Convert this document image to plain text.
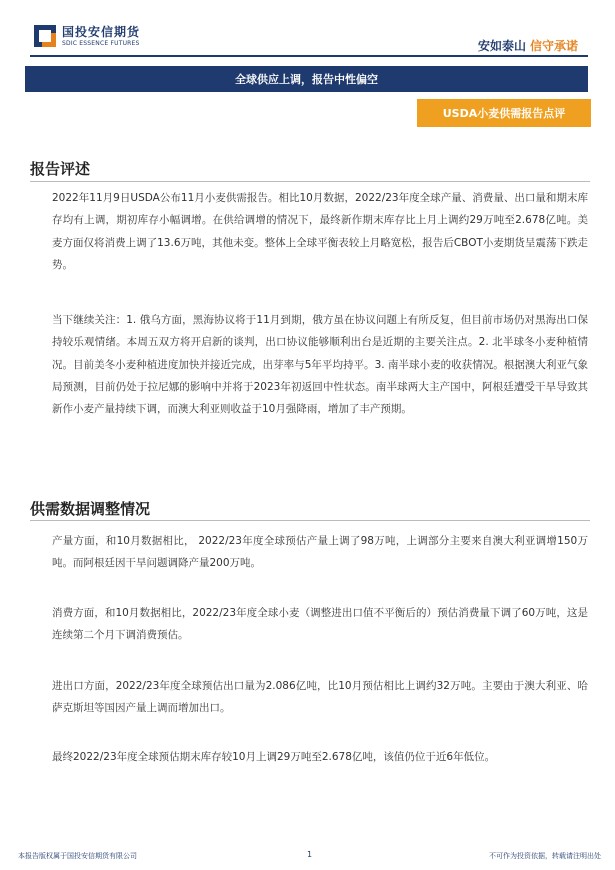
国投安信期货
SDIC ESSENCE FUTURES	安如泰山 信守承诺
全球供应上调，报告中性偏空
USDA小麦供需报告点评
报告评述

2022年11月9日USDA公布11月小麦供需报告。相比10月数据，2022/23年度全球产量、消费量、出口量和期末库存均有上调，期初库存小幅调增。在供给调增的情况下，最终新作期末库存比上月上调约29万吨至2.678亿吨。美麦方面仅将消费上调了13.6万吨，其他未变。整体上全球平衡表较上月略宽松，报告后CBOT小麦期货呈震荡下跌走势。

当下继续关注：1. 俄乌方面，黑海协议将于11月到期，俄方虽在协议问题上有所反复，但目前市场仍对黑海出口保持较乐观情绪。本周五双方将开启新的谈判，出口协议能够顺利出台是近期的主要关注点。2. 北半球冬小麦种植情况。目前美冬小麦种植进度加快并接近完成，出芽率与5年平均持平。3. 南半球小麦的收获情况。根据澳大利亚气象局预测，目前仍处于拉尼娜的影响中并将于2023年初返回中性状态。南半球两大主产国中，阿根廷遭受干旱导致其新作小麦产量持续下调，而澳大利亚则收益于10月强降雨，增加了丰产预期。

供需数据调整情况

产量方面，和10月数据相比， 2022/23年度全球预估产量上调了98万吨，上调部分主要来自澳大利亚调增150万吨。而阿根廷因干旱问题调降产量200万吨。

消费方面，和10月数据相比，2022/23年度全球小麦（调整进出口值不平衡后的）预估消费量下调了60万吨，这是连续第二个月下调消费预估。

进出口方面，2022/23年度全球预估出口量为2.086亿吨，比10月预估相比上调约32万吨。主要由于澳大利亚、哈萨克斯坦等国因产量上调而增加出口。

最终2022/23年度全球预估期末库存较10月上调29万吨至2.678亿吨，该值仍位于近6年低位。

本报告版权属于国投安信期货有限公司	1	不可作为投资依据，转载请注明出处
